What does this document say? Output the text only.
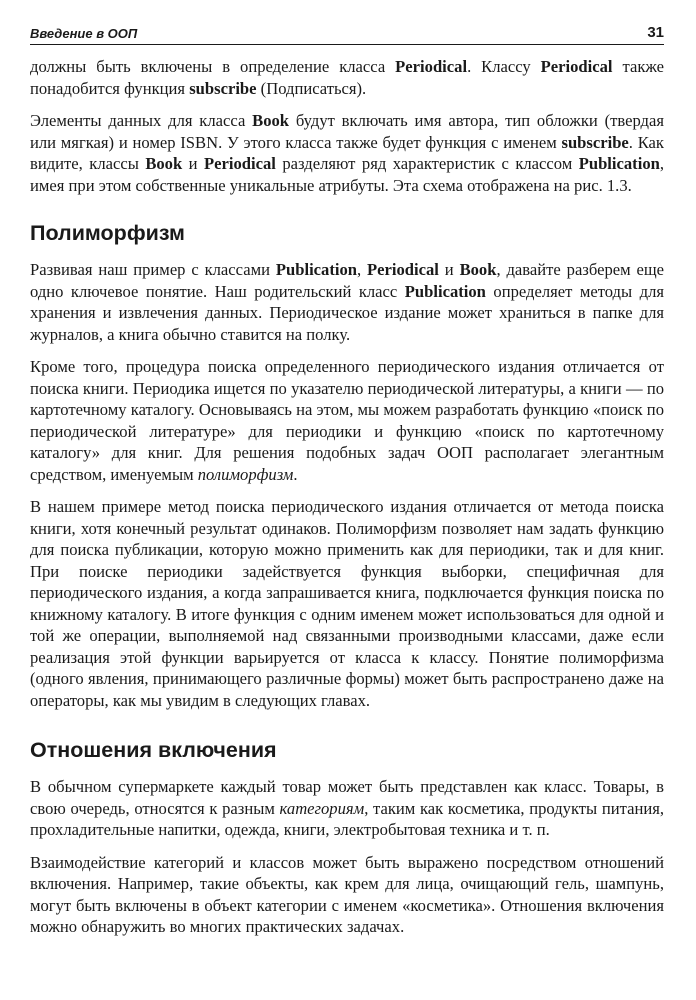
Введение в ООП	31

должны быть включены в определение класса Periodical. Классу Periodical также понадобится функция subscribe (Подписаться).

Элементы данных для класса Book будут включать имя автора, тип обложки (твердая или мягкая) и номер ISBN. У этого класса также будет функция с именем subscribe. Как видите, классы Book и Periodical разделяют ряд характеристик с классом Publication, имея при этом собственные уникальные атрибуты. Эта схема отображена на рис. 1.3.

Полиморфизм

Развивая наш пример с классами Publication, Periodical и Book, давайте разберем еще одно ключевое понятие. Наш родительский класс Publication определяет методы для хранения и извлечения данных. Периодическое издание может храниться в папке для журналов, а книга обычно ставится на полку.

Кроме того, процедура поиска определенного периодического издания отличается от поиска книги. Периодика ищется по указателю периодической литературы, а книги — по картотечному каталогу. Основываясь на этом, мы можем разработать функцию «поиск по периодической литературе» для периодики и функцию «поиск по картотечному каталогу» для книг. Для решения подобных задач ООП располагает элегантным средством, именуемым полиморфизм.

В нашем примере метод поиска периодического издания отличается от метода поиска книги, хотя конечный результат одинаков. Полиморфизм позволяет нам задать функцию для поиска публикации, которую можно применить как для периодики, так и для книг. При поиске периодики задействуется функция выборки, специфичная для периодического издания, а когда запрашивается книга, подключается функция поиска по книжному каталогу. В итоге функция с одним именем может использоваться для одной и той же операции, выполняемой над связанными производными классами, даже если реализация этой функции варьируется от класса к классу. Понятие полиморфизма (одного явления, принимающего различные формы) может быть распространено даже на операторы, как мы увидим в следующих главах.

Отношения включения

В обычном супермаркете каждый товар может быть представлен как класс. Товары, в свою очередь, относятся к разным категориям, таким как косметика, продукты питания, прохладительные напитки, одежда, книги, электробытовая техника и т. п.

Взаимодействие категорий и классов может быть выражено посредством отношений включения. Например, такие объекты, как крем для лица, очищающий гель, шампунь, могут быть включены в объект категории с именем «косметика». Отношения включения можно обнаружить во многих практических задачах.
